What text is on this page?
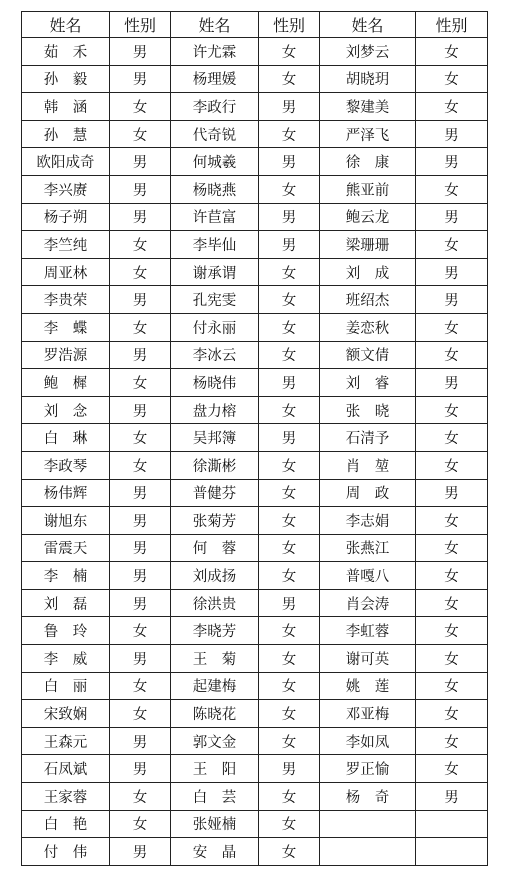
姓名	性别	姓名	性别	姓名	性别
茹　禾	男	许尤霖	女	刘梦云	女
孙　毅	男	杨理媛	女	胡晓玥	女
韩　涵	女	李政行	男	黎建美	女
孙　慧	女	代奇锐	女	严泽飞	男
欧阳成奇	男	何城羲	男	徐　康	男
李兴赓	男	杨晓燕	女	熊亚前	女
杨子朔	男	许苣富	男	鲍云龙	男
李竺纯	女	李毕仙	男	梁珊珊	女
周亚林	女	谢承谓	女	刘　成	男
李贵荣	男	孔宪雯	女	班绍杰	男
李　蝶	女	付永丽	女	姜恋秋	女
罗浩源	男	李冰云	女	额文倩	女
鲍　樨	女	杨晓伟	男	刘　睿	男
刘　念	男	盘力榕	女	张　晓	女
白　琳	女	吴邦簿	男	石清予	女
李政琴	女	徐澌彬	女	肖　堃	女
杨伟辉	男	普健芬	女	周　政	男
谢旭东	男	张菊芳	女	李志娟	女
雷震天	男	何　蓉	女	张燕江	女
李　楠	男	刘成扬	女	普嘎八	女
刘　磊	男	徐洪贵	男	肖会涛	女
鲁　玲	女	李晓芳	女	李虹蓉	女
李　威	男	王　菊	女	谢可英	女
白　丽	女	起建梅	女	姚　莲	女
宋致娴	女	陈晓花	女	邓亚梅	女
王森元	男	郭文金	女	李如凤	女
石凤斌	男	王　阳	男	罗正愉	女
王家蓉	女	白　芸	女	杨　奇	男
白　艳	女	张娅楠	女		
付　伟	男	安　晶	女		
